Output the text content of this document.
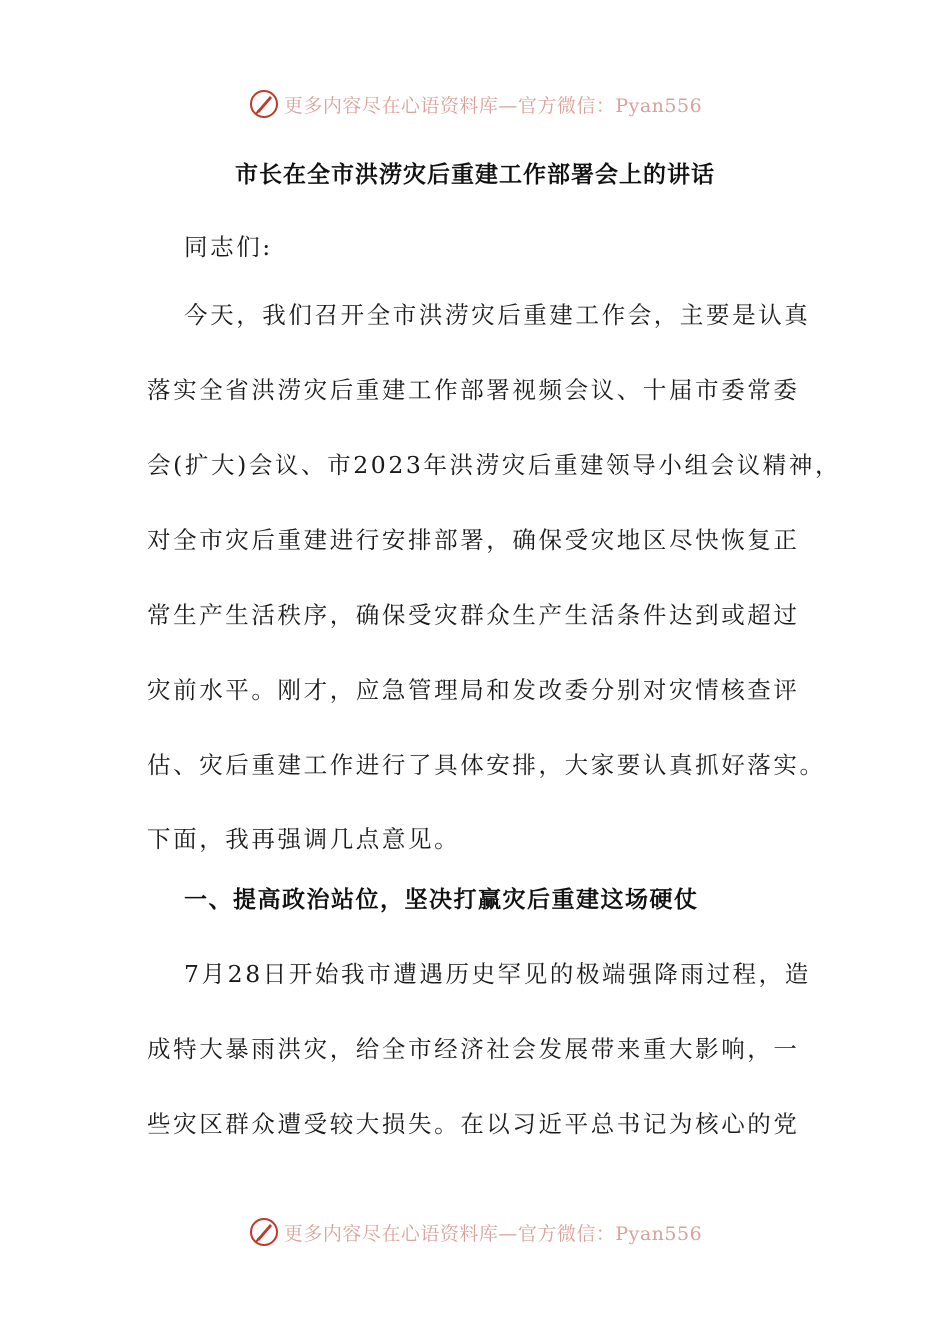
更多内容尽在心语资料库—官方微信：Pyan556
市长在全市洪涝灾后重建工作部署会上的讲话
同志们:
今天，我们召开全市洪涝灾后重建工作会，主要是认真
落实全省洪涝灾后重建工作部署视频会议、十届市委常委
会(扩大)会议、市2023年洪涝灾后重建领导小组会议精神，
对全市灾后重建进行安排部署，确保受灾地区尽快恢复正
常生产生活秩序，确保受灾群众生产生活条件达到或超过
灾前水平。刚才，应急管理局和发改委分别对灾情核查评
估、灾后重建工作进行了具体安排，大家要认真抓好落实。
下面，我再强调几点意见。
一、提高政治站位，坚决打赢灾后重建这场硬仗
7月28日开始我市遭遇历史罕见的极端强降雨过程，造
成特大暴雨洪灾，给全市经济社会发展带来重大影响，一
些灾区群众遭受较大损失。在以习近平总书记为核心的党
更多内容尽在心语资料库—官方微信：Pyan556
